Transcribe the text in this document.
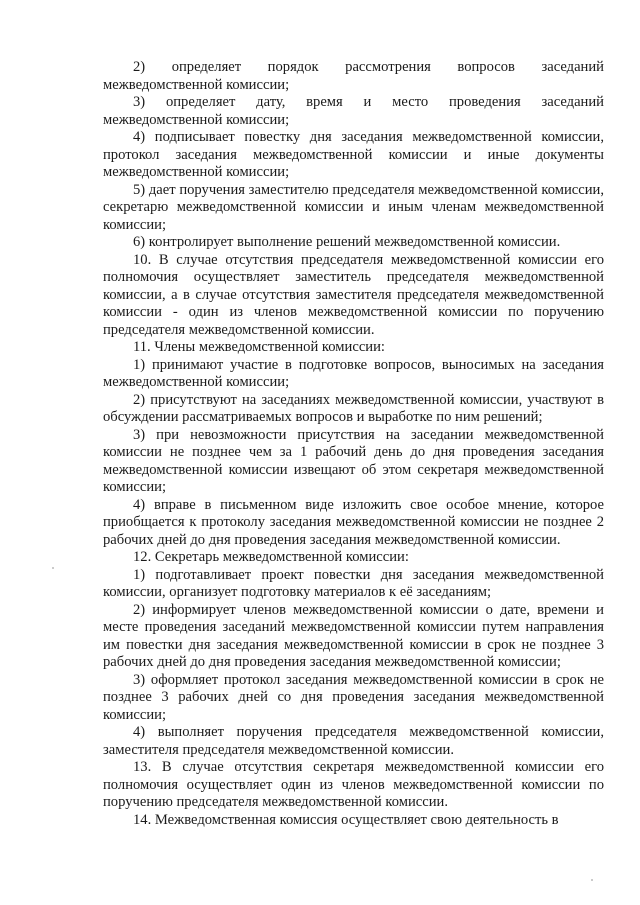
2) определяет порядок рассмотрения вопросов заседаний межведомственной комиссии;

3) определяет дату, время и место проведения заседаний межведомственной комиссии;

4) подписывает повестку дня заседания межведомственной комиссии, протокол заседания межведомственной комиссии и иные документы межведомственной комиссии;

5) дает поручения заместителю председателя межведомственной комиссии, секретарю межведомственной комиссии и иным членам межведомственной комиссии;

6) контролирует выполнение решений межведомственной комиссии.

10. В случае отсутствия председателя межведомственной комиссии его полномочия осуществляет заместитель председателя межведомственной комиссии, а в случае отсутствия заместителя председателя межведомственной комиссии - один из членов межведомственной комиссии по поручению председателя межведомственной комиссии.

11. Члены межведомственной комиссии:

1) принимают участие в подготовке вопросов, выносимых на заседания межведомственной комиссии;

2) присутствуют на заседаниях межведомственной комиссии, участвуют в обсуждении рассматриваемых вопросов и выработке по ним решений;

3) при невозможности присутствия на заседании межведомственной комиссии не позднее чем за 1 рабочий день до дня проведения заседания межведомственной комиссии извещают об этом секретаря межведомственной комиссии;

4) вправе в письменном виде изложить свое особое мнение, которое приобщается к протоколу заседания межведомственной комиссии не позднее 2 рабочих дней до дня проведения заседания межведомственной комиссии.

12. Секретарь межведомственной комиссии:

1) подготавливает проект повестки дня заседания межведомственной комиссии, организует подготовку материалов к её заседаниям;

2) информирует членов межведомственной комиссии о дате, времени и месте проведения заседаний межведомственной комиссии путем направления им повестки дня заседания межведомственной комиссии в срок не позднее 3 рабочих дней до дня проведения заседания межведомственной комиссии;

3) оформляет протокол заседания межведомственной комиссии в срок не позднее 3 рабочих дней со дня проведения заседания межведомственной комиссии;

4) выполняет поручения председателя межведомственной комиссии, заместителя председателя межведомственной комиссии.

13. В случае отсутствия секретаря межведомственной комиссии его полномочия осуществляет один из членов межведомственной комиссии по поручению председателя межведомственной комиссии.

14. Межведомственная комиссия осуществляет свою деятельность в
